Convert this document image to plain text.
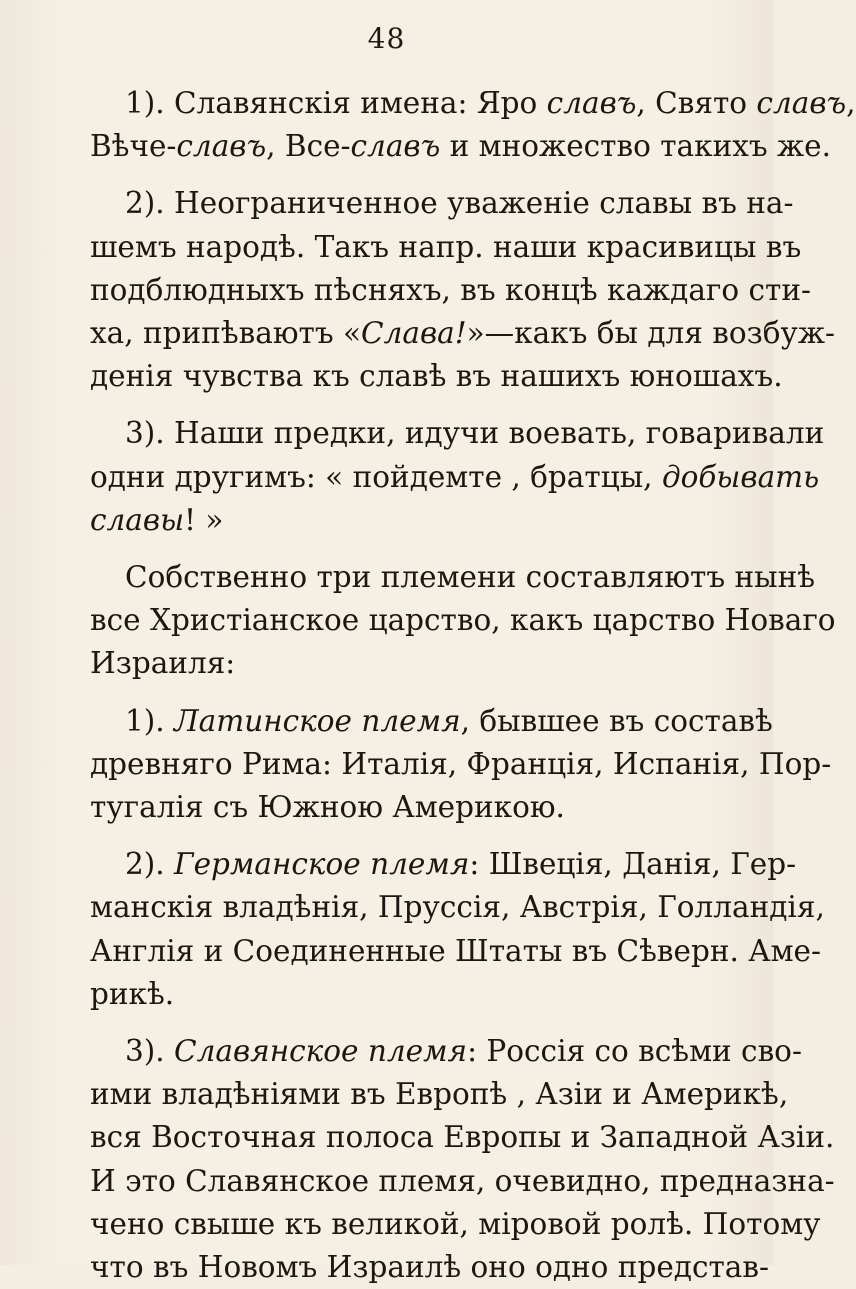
48
1). Славянскія имена: Яро славъ, Свято славъ,
Вѣче-славъ, Все-славъ и множество такихъ же.
2). Неограниченное уваженіе славы въ на-
шемъ народѣ. Такъ напр. наши красивицы въ
подблюдныхъ пѣсняхъ, въ концѣ каждаго сти-
ха, припѣваютъ «Слава!»—какъ бы для возбуж-
денія чувства къ славѣ въ нашихъ юношахъ.
3). Наши предки, идучи воевать, говаривали
одни другимъ: « пойдемте , братцы, добывать
славы! »
Собственно три племени составляютъ нынѣ
все Христіанское царство, какъ царство Новаго
Израиля:
1). Латинское племя, бывшее въ составѣ
древняго Рима: Италія, Франція, Испанія, Пор-
тугалія съ Южною Америкою.
2). Германское племя: Швеція, Данія, Гер-
манскія владѣнія, Пруссія, Австрія, Голландія,
Англія и Соединенные Штаты въ Сѣверн. Аме-
рикѣ.
3). Славянское племя: Россія со всѣми сво-
ими владѣніями въ Европѣ , Азіи и Америкѣ,
вся Восточная полоса Европы и Западной Азіи.
И это Славянское племя, очевидно, предназна-
чено свыше къ великой, міровой ролѣ. Потому
что въ Новомъ Израилѣ оно одно представ-
